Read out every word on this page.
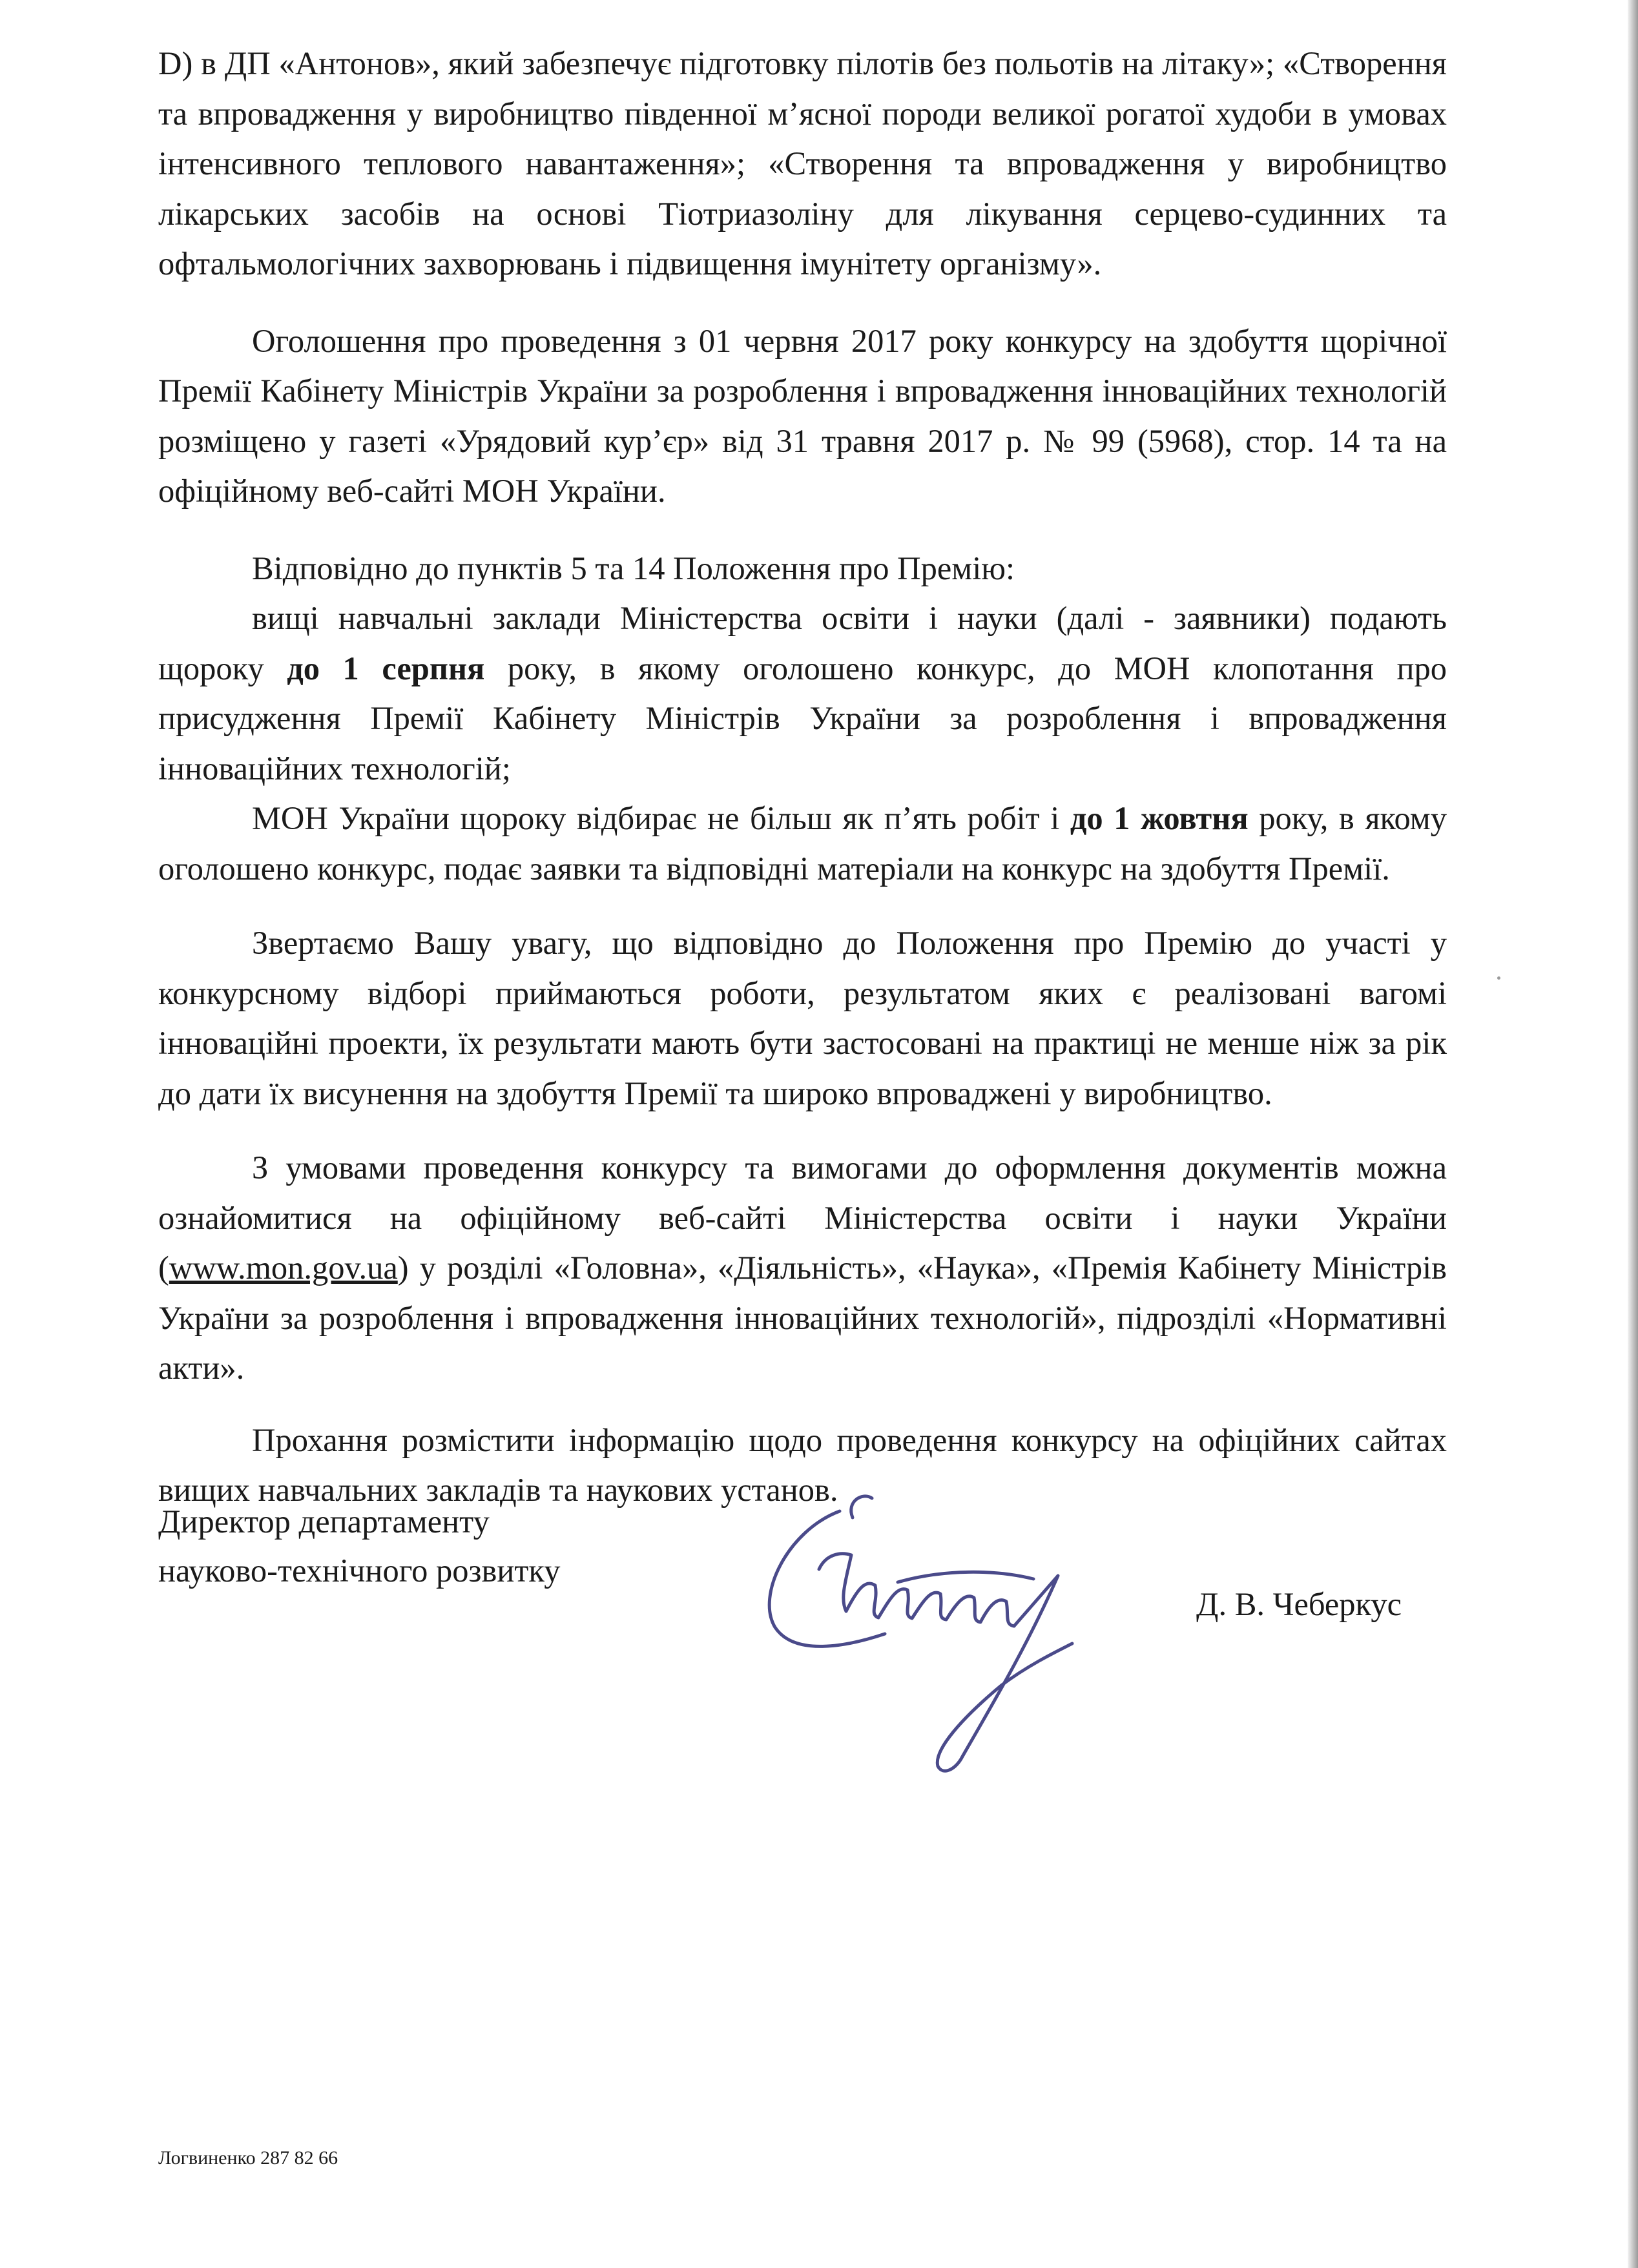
D) в ДП «Антонов», який забезпечує підготовку пілотів без польотів на літаку»; «Створення та впровадження у виробництво південної м’ясної породи великої рогатої худоби в умовах інтенсивного теплового навантаження»; «Створення та впровадження у виробництво лікарських засобів на основі Тіотриазоліну для лікування серцево-судинних та офтальмологічних захворювань і підвищення імунітету організму».

Оголошення про проведення з 01 червня 2017 року конкурсу на здобуття щорічної Премії Кабінету Міністрів України за розроблення і впровадження інноваційних технологій розміщено у газеті «Урядовий кур’єр» від 31 травня 2017 р. № 99 (5968), стор. 14 та на офіційному веб-сайті МОН України.

Відповідно до пунктів 5 та 14 Положення про Премію:

вищі навчальні заклади Міністерства освіти і науки (далі - заявники) подають щороку до 1 серпня року, в якому оголошено конкурс, до МОН клопотання про присудження Премії Кабінету Міністрів України за розроблення і впровадження інноваційних технологій;

МОН України щороку відбирає не більш як п’ять робіт і до 1 жовтня року, в якому оголошено конкурс, подає заявки та відповідні матеріали на конкурс на здобуття Премії.

Звертаємо Вашу увагу, що відповідно до Положення про Премію до участі у конкурсному відборі приймаються роботи, результатом яких є реалізовані вагомі інноваційні проекти, їх результати мають бути застосовані на практиці не менше ніж за рік до дати їх висунення на здобуття Премії та широко впроваджені у виробництво.

З умовами проведення конкурсу та вимогами до оформлення документів можна ознайомитися на офіційному веб-сайті Міністерства освіти і науки України (www.mon.gov.ua) у розділі «Головна», «Діяльність», «Наука», «Премія Кабінету Міністрів України за розроблення і впровадження інноваційних технологій», підрозділі «Нормативні акти».

Прохання розмістити інформацію щодо проведення конкурсу на офіційних сайтах вищих навчальних закладів та наукових установ.

Директор департаменту
науково-технічного розвитку
Д. В. Чеберкус
Логвиненко 287 82 66
